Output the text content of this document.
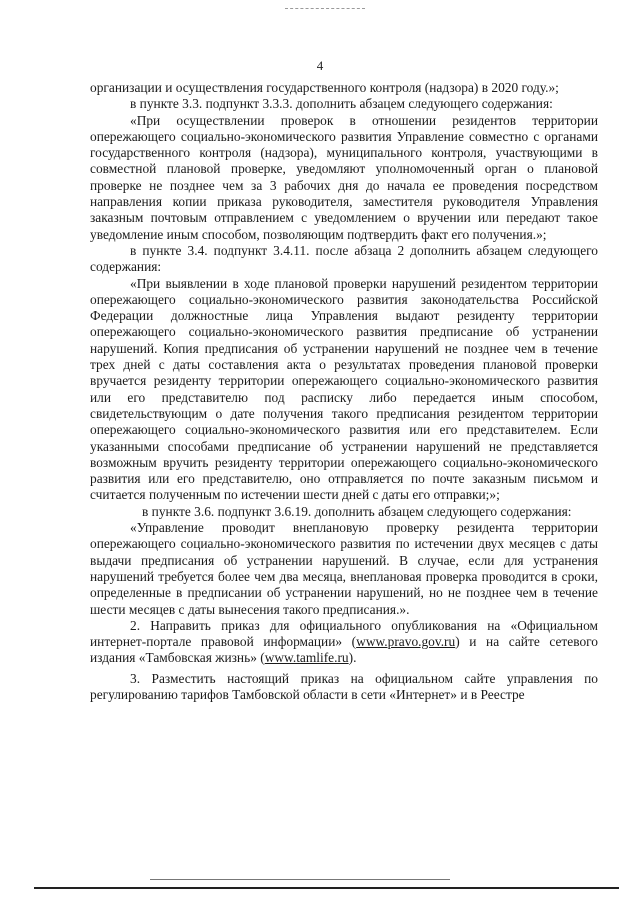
4

организации и осуществления государственного контроля (надзора) в 2020 году.»;

в пункте 3.3. подпункт 3.3.3. дополнить абзацем следующего содержания:

«При осуществлении проверок в отношении резидентов территории опережающего социально-экономического развития Управление совместно с органами государственного контроля (надзора), муниципального контроля, участвующими в совместной плановой проверке, уведомляют уполномоченный орган о плановой проверке не позднее чем за 3 рабочих дня до начала ее проведения посредством направления копии приказа руководителя, заместителя руководителя Управления заказным почтовым отправлением с уведомлением о вручении или передают такое уведомление иным способом, позволяющим подтвердить факт его получения.»;

в пункте 3.4. подпункт 3.4.11. после абзаца 2 дополнить абзацем следующего содержания:

«При выявлении в ходе плановой проверки нарушений резидентом территории опережающего социально-экономического развития законодательства Российской Федерации должностные лица Управления выдают резиденту территории опережающего социально-экономического развития предписание об устранении нарушений. Копия предписания об устранении нарушений не позднее чем в течение трех дней с даты составления акта о результатах проведения плановой проверки вручается резиденту территории опережающего социально-экономического развития или его представителю под расписку либо передается иным способом, свидетельствующим о дате получения такого предписания резидентом территории опережающего социально-экономического развития или его представителем. Если указанными способами предписание об устранении нарушений не представляется возможным вручить резиденту территории опережающего социально-экономического развития или его представителю, оно отправляется по почте заказным письмом и считается полученным по истечении шести дней с даты его отправки;»;

в пункте 3.6. подпункт 3.6.19. дополнить абзацем следующего содержания:

«Управление проводит внеплановую проверку резидента территории опережающего социально-экономического развития по истечении двух месяцев с даты выдачи предписания об устранении нарушений. В случае, если для устранения нарушений требуется более чем два месяца, внеплановая проверка проводится в сроки, определенные в предписании об устранении нарушений, но не позднее чем в течение шести месяцев с даты вынесения такого предписания.».

2. Направить приказ для официального опубликования на «Официальном интернет-портале правовой информации» (www.pravo.gov.ru) и на сайте сетевого издания «Тамбовская жизнь» (www.tamlife.ru).

3. Разместить настоящий приказ на официальном сайте управления по регулированию тарифов Тамбовской области в сети «Интернет» и в Реестре
